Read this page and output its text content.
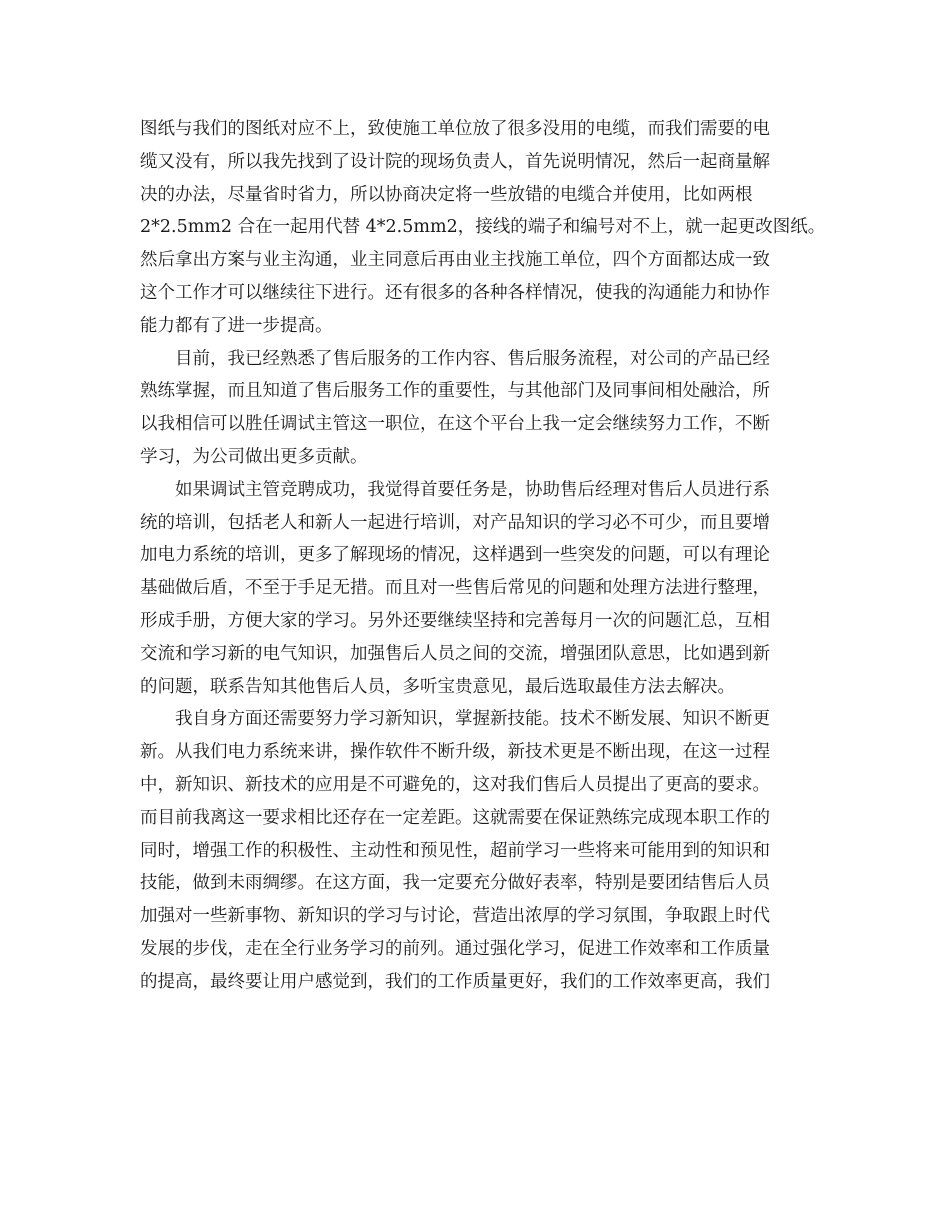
图纸与我们的图纸对应不上，致使施工单位放了很多没用的电缆，而我们需要的电
缆又没有，所以我先找到了设计院的现场负责人，首先说明情况，然后一起商量解
决的办法，尽量省时省力，所以协商决定将一些放错的电缆合并使用，比如两根
2*2.5mm2 合在一起用代替 4*2.5mm2，接线的端子和编号对不上，就一起更改图纸。
然后拿出方案与业主沟通，业主同意后再由业主找施工单位，四个方面都达成一致
这个工作才可以继续往下进行。还有很多的各种各样情况，使我的沟通能力和协作
能力都有了进一步提高。
目前，我已经熟悉了售后服务的工作内容、售后服务流程，对公司的产品已经
熟练掌握，而且知道了售后服务工作的重要性，与其他部门及同事间相处融洽，所
以我相信可以胜任调试主管这一职位，在这个平台上我一定会继续努力工作，不断
学习，为公司做出更多贡献。
如果调试主管竞聘成功，我觉得首要任务是，协助售后经理对售后人员进行系
统的培训，包括老人和新人一起进行培训，对产品知识的学习必不可少，而且要增
加电力系统的培训，更多了解现场的情况，这样遇到一些突发的问题，可以有理论
基础做后盾，不至于手足无措。而且对一些售后常见的问题和处理方法进行整理，
形成手册，方便大家的学习。另外还要继续坚持和完善每月一次的问题汇总，互相
交流和学习新的电气知识，加强售后人员之间的交流，增强团队意思，比如遇到新
的问题，联系告知其他售后人员，多听宝贵意见，最后选取最佳方法去解决。
我自身方面还需要努力学习新知识，掌握新技能。技术不断发展、知识不断更
新。从我们电力系统来讲，操作软件不断升级，新技术更是不断出现，在这一过程
中，新知识、新技术的应用是不可避免的，这对我们售后人员提出了更高的要求。
而目前我离这一要求相比还存在一定差距。这就需要在保证熟练完成现本职工作的
同时，增强工作的积极性、主动性和预见性，超前学习一些将来可能用到的知识和
技能，做到未雨绸缪。在这方面，我一定要充分做好表率，特别是要团结售后人员
加强对一些新事物、新知识的学习与讨论，营造出浓厚的学习氛围，争取跟上时代
发展的步伐，走在全行业务学习的前列。通过强化学习，促进工作效率和工作质量
的提高，最终要让用户感觉到，我们的工作质量更好，我们的工作效率更高，我们
